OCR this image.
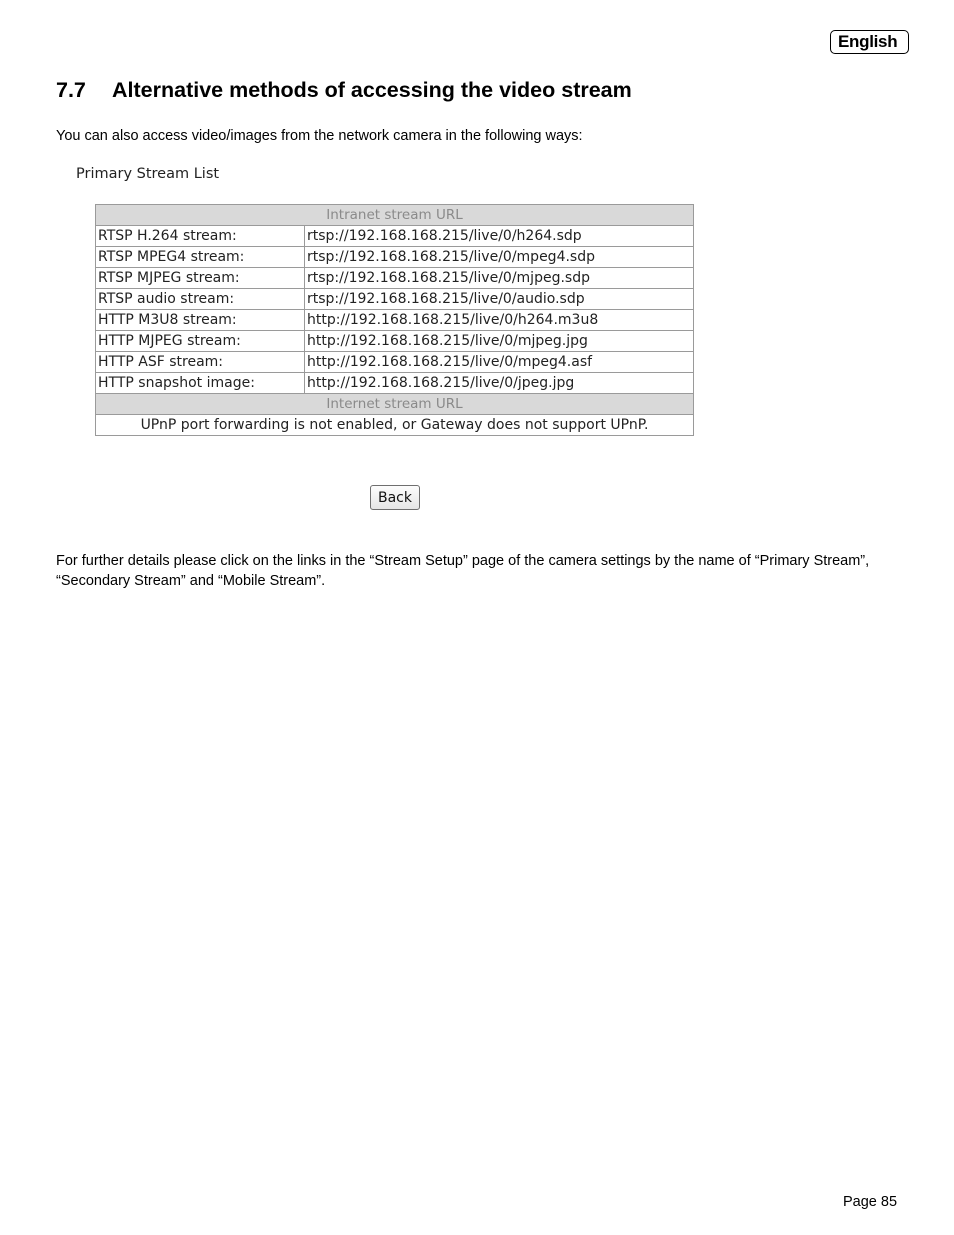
English
7.7 Alternative methods of accessing the video stream

You can also access video/images from the network camera in the following ways:

Primary Stream List
Intranet stream URL	
RTSP H.264 stream:	rtsp://192.168.168.215/live/0/h264.sdp
RTSP MPEG4 stream:	rtsp://192.168.168.215/live/0/mpeg4.sdp
RTSP MJPEG stream:	rtsp://192.168.168.215/live/0/mjpeg.sdp
RTSP audio stream:	rtsp://192.168.168.215/live/0/audio.sdp
HTTP M3U8 stream:	http://192.168.168.215/live/0/h264.m3u8
HTTP MJPEG stream:	http://192.168.168.215/live/0/mjpeg.jpg
HTTP ASF stream:	http://192.168.168.215/live/0/mpeg4.asf
HTTP snapshot image:	http://192.168.168.215/live/0/jpeg.jpg
Internet stream URL	
UPnP port forwarding is not enabled, or Gateway does not support UPnP.	
Back

For further details please click on the links in the “Stream Setup” page of the camera settings by the name of “Primary Stream”, “Secondary Stream” and “Mobile Stream”.

Page 85
